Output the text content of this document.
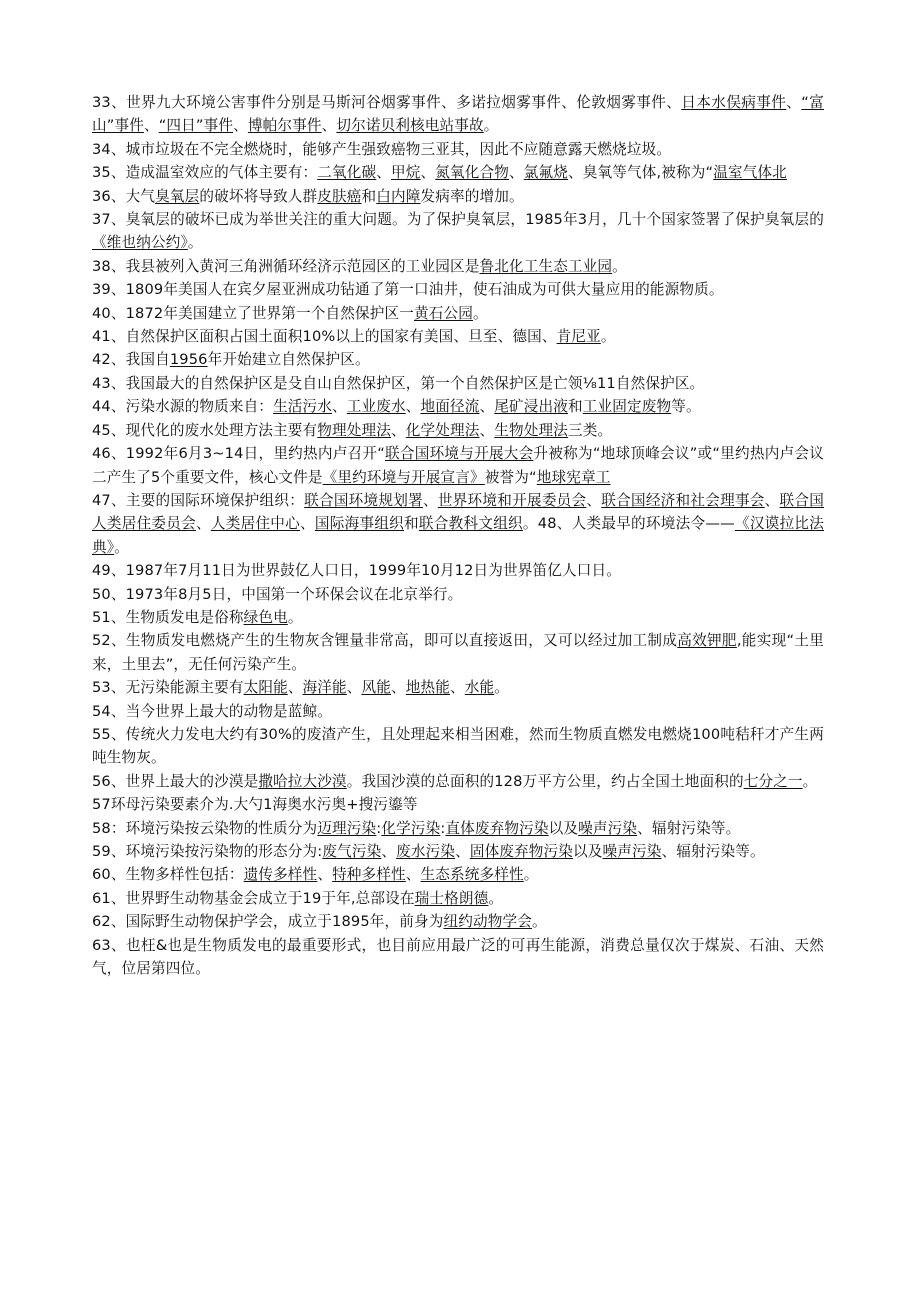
33、世界九大环境公害事件分别是马斯河谷烟雾事件、多诺拉烟雾事件、伦敦烟雾事件、日本水俣病事件、“富山”事件、“四日”事件、博帕尔事件、切尔诺贝利核电站事故。

34、城市垃圾在不完全燃烧时，能够产生强致癌物三亚其，因此不应随意露天燃烧垃圾。

35、造成温室效应的气体主要有：二氧化碳、甲烷、氮氧化合物、氯氟烧、臭氧等气体,被称为“温室气体北

36、大气臭氧层的破坏将导致人群皮肤癌和白内障发病率的增加。

37、臭氧层的破坏已成为举世关注的重大问题。为了保护臭氧层，1985年3月，几十个国家签署了保护臭氧层的《维也纳公约》。

38、我县被列入黄河三角洲循环经济示范园区的工业园区是鲁北化工生态工业园。

39、1809年美国人在宾夕屋亚洲成功钻通了第一口油井，使石油成为可供大量应用的能源物质。

40、1872年美国建立了世界第一个自然保护区一黄石公园。

41、自然保护区面积占国土面积10%以上的国家有美国、旦至、德国、肯尼亚。

42、我国自1956年开始建立自然保护区。

43、我国最大的自然保护区是殳自山自然保护区，第一个自然保护区是亡领⅛11自然保护区。

44、污染水源的物质来自：生活污水、工业废水、地面径流、尾矿浸出液和工业固定废物等。

45、现代化的废水处理方法主要有物理处理法、化学处理法、生物处理法三类。

46、1992年6月3~14日，里约热内卢召开“联合国环境与开展大会升被称为“地球顶峰会议”或“里约热内卢会议二产生了5个重要文件，核心文件是《里约环境与开展宣言》被誉为“地球宪章工

47、主要的国际环境保护组织：联合国环境规划署、世界环境和开展委员会、联合国经济和社会理事会、联合国人类居住委员会、人类居住中心、国际海事组织和联合教科文组织。48、人类最早的环境法令——《汉谟拉比法典》。

49、1987年7月11日为世界鼓亿人口日，1999年10月12日为世界笛亿人口日。

50、1973年8月5日，中国第一个环保会议在北京举行。

51、生物质发电是俗称绿色电。

52、生物质发电燃烧产生的生物灰含锂量非常高，即可以直接返田，又可以经过加工制成高效钾肥,能实现“土里来，土里去”，无任何污染产生。

53、无污染能源主要有太阳能、海洋能、风能、地热能、水能。

54、当今世界上最大的动物是蓝鲸。

55、传统火力发电大约有30%的废渣产生，且处理起来相当困难，然而生物质直燃发电燃烧100吨秸秆才产生两吨生物灰。

56、世界上最大的沙漠是撒哈拉大沙漠。我国沙漠的总面积的128万平方公里，约占全国土地面积的七分之一。

57环母污染要素介为.大勺1海奥水污奥+搜污鎏等

58：环境污染按云染物的性质分为迈理污染:化学污染:直体废弃物污染以及噪声污染、辐射污染等。

59、环境污染按污染物的形态分为:废气污染、废水污染、固体废弃物污染以及噪声污染、辐射污染等。

60、生物多样性包括：遗传多样性、特种多样性、生态系统多样性。

61、世界野生动物基金会成立于19于年,总部设在瑞士格朗德。

62、国际野生动物保护学会，成立于1895年，前身为纽约动物学会。

63、也枉&也是生物质发电的最重要形式，也目前应用最广泛的可再生能源，消费总量仅次于煤炭、石油、天然气，位居第四位。
